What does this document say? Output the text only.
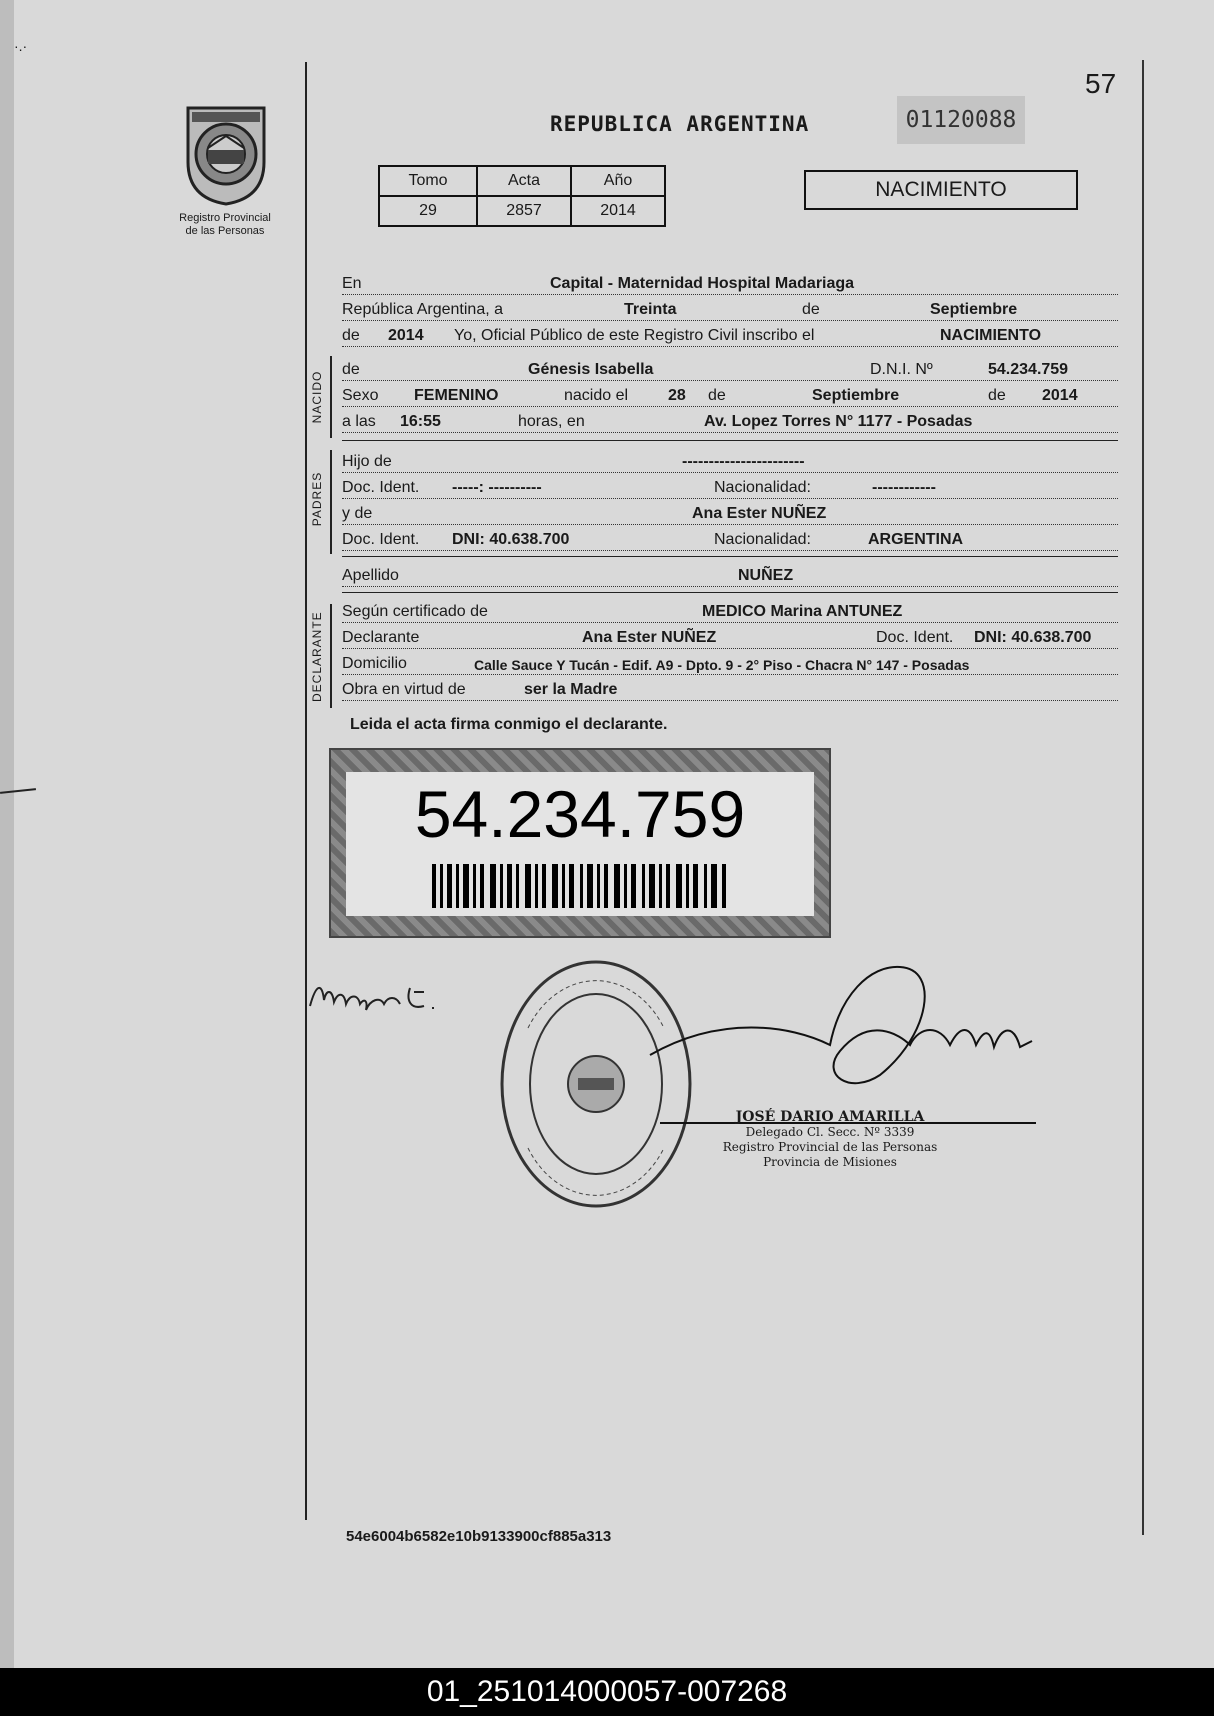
·.·
57
Registro Provincial
de las Personas
REPUBLICA ARGENTINA	01120088
Tomo	Acta	Año
29	2857	2014
NACIMIENTO
En	Capital - Maternidad Hospital Madariaga
República Argentina, a	Treinta	de	Septiembre
de 2014 Yo, Oficial Público de este Registro Civil inscribo el	NACIMIENTO
NACIDO
de	Génesis Isabella	D.N.I. Nº	54.234.759
Sexo FEMENINO	nacido el 28 de	Septiembre	de 2014
a las 16:55	horas, en	Av. Lopez Torres N° 1177 - Posadas
PADRES
Hijo de	-----------------------
Doc. Ident. -----: ----------	Nacionalidad:	------------
y de	Ana Ester NUÑEZ
Doc. Ident. DNI: 40.638.700	Nacionalidad:	ARGENTINA
Apellido	NUÑEZ
DECLARANTE Según certificado de	MEDICO Marina ANTUNEZ
Declarante	Ana Ester NUÑEZ	Doc. Ident. DNI: 40.638.700
Domicilio	Calle Sauce Y Tucán - Edif. A9 - Dpto. 9 - 2° Piso - Chacra N° 147 - Posadas
Obra en virtud de	ser la Madre
Leida el acta firma conmigo el declarante.
54.234.759
JOSÉ DARIO AMARILLA
Delegado Cl. Secc. Nº 3339
Registro Provincial de las Personas
Provincia de Misiones
54e6004b6582e10b9133900cf885a313
01_251014000057-007268
